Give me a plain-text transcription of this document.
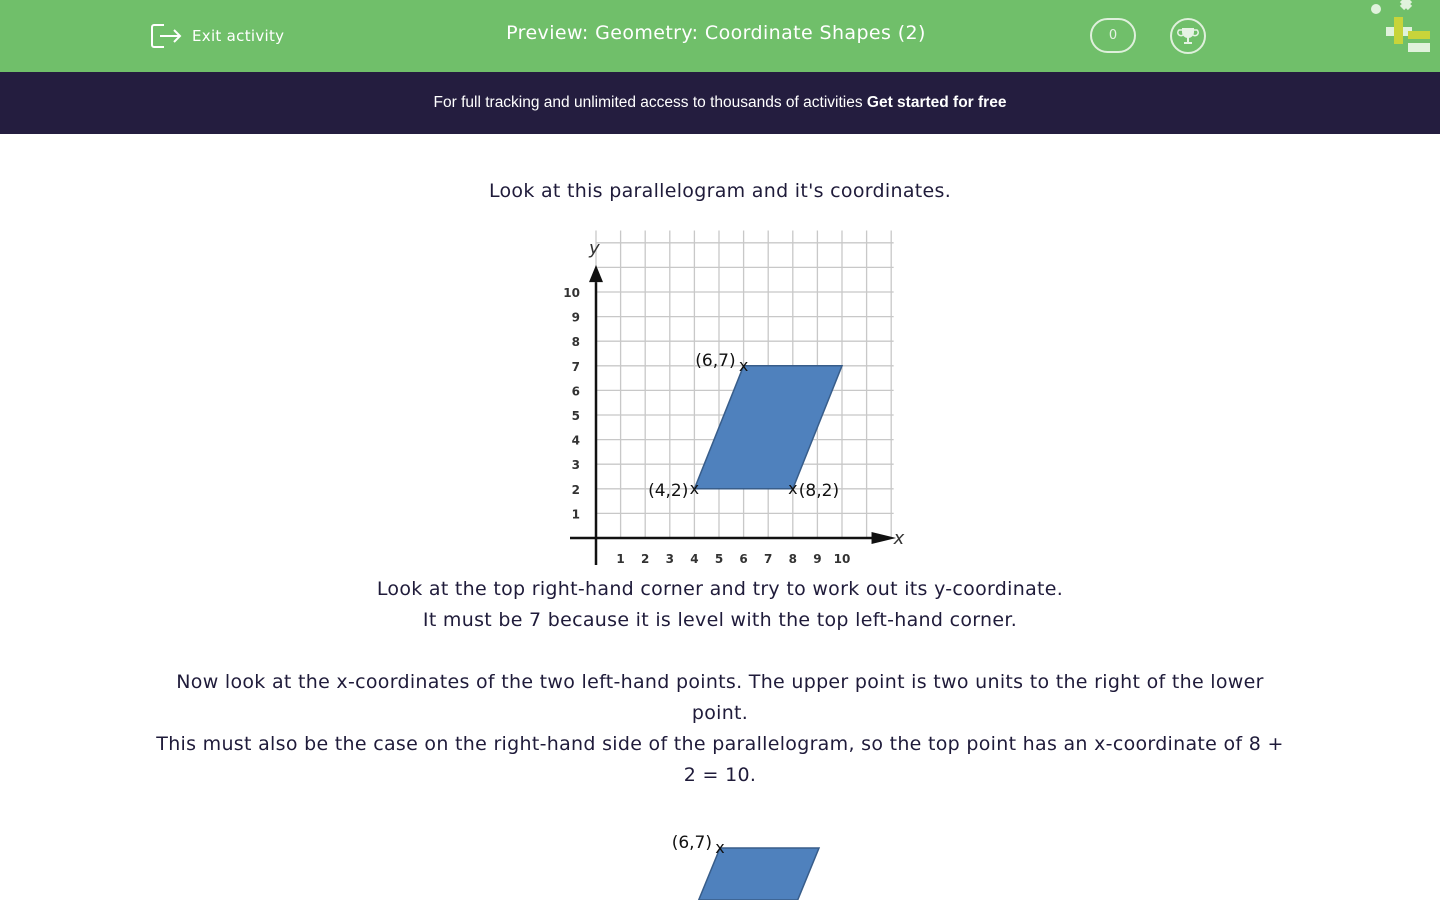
Exit activity	Preview: Geometry: Coordinate Shapes (2)	0
For full tracking and unlimited access to thousands of activities Get started for free
Look at this parallelogram and it's coordinates.
x
y
1 2 3 4 5 6 7 8 9 10
1
2
3
4
5
6
7
8
9
10
(6,7) x
(4,2) x	x (8,2)
Look at the top right-hand corner and try to work out its y-coordinate.
It must be 7 because it is level with the top left-hand corner.
Now look at the x-coordinates of the two left-hand points. The upper point is two units to the right of the lower point.
This must also be the case on the right-hand side of the parallelogram, so the top point has an x-coordinate of 8 + 2 = 10.
(6,7) x
